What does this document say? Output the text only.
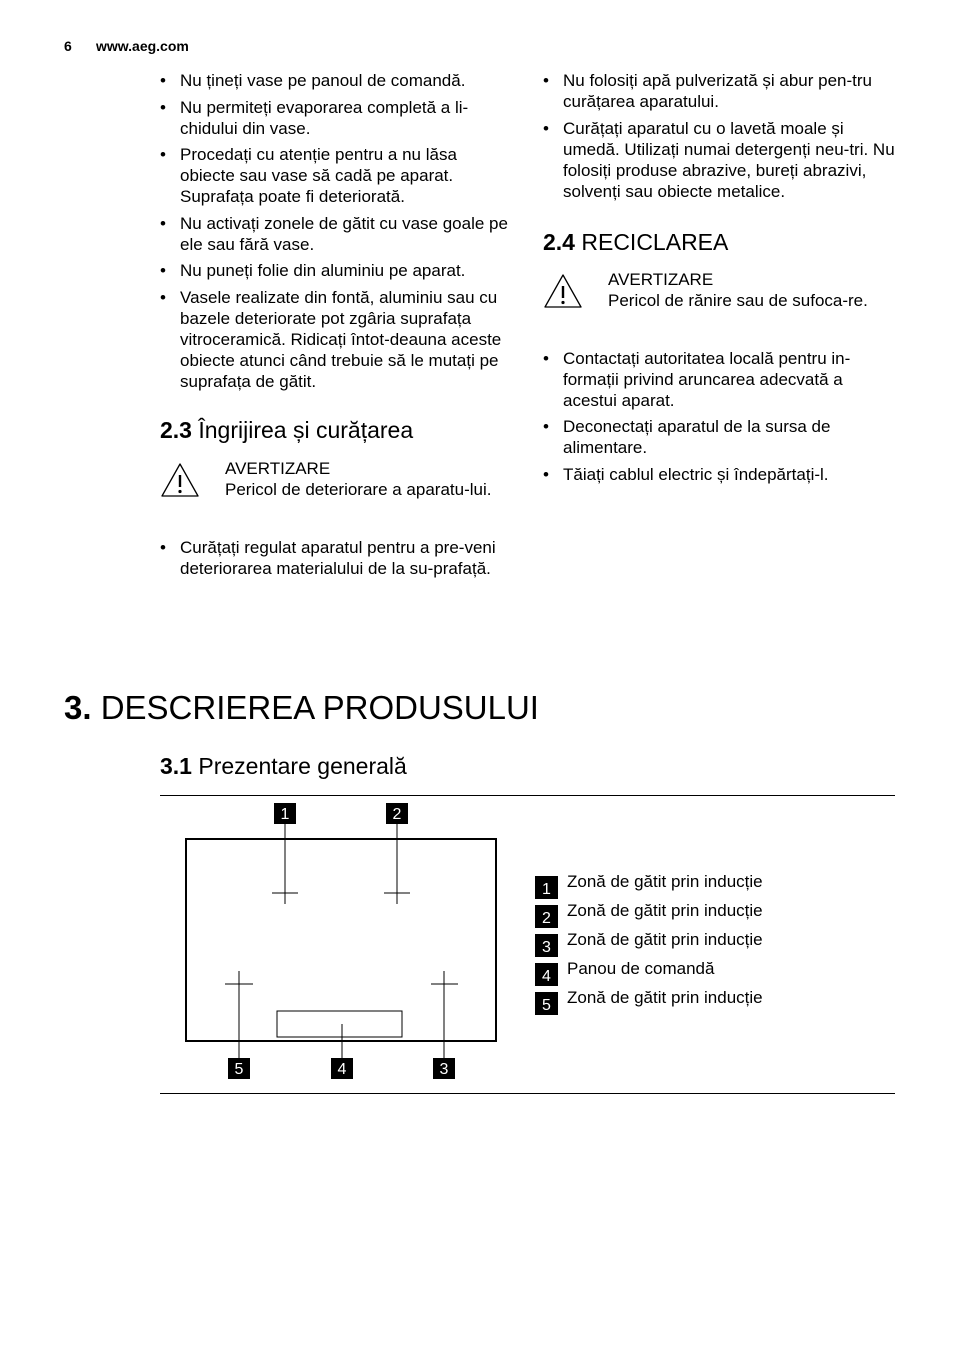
6 www.aeg.com
• Nu țineți vase pe panoul de comandă.
• Nu permiteți evaporarea completă a li-chidului din vase.
• Procedați cu atenție pentru a nu lăsa obiecte sau vase să cadă pe aparat. Suprafața poate fi deteriorată.
• Nu activați zonele de gătit cu vase goale pe ele sau fără vase.
• Nu puneți folie din aluminiu pe aparat.
• Vasele realizate din fontă, aluminiu sau cu bazele deteriorate pot zgâria suprafața vitroceramică. Ridicați întot-deauna aceste obiecte atunci când trebuie să le mutați pe suprafața de gătit.
2.3 Îngrijirea și curățarea
AVERTIZARE
Pericol de deteriorare a aparatu-lui.
• Curățați regulat aparatul pentru a pre-veni deteriorarea materialului de la su-prafață.
• Nu folosiți apă pulverizată și abur pen-tru curățarea aparatului.
• Curățați aparatul cu o lavetă moale și umedă. Utilizați numai detergenți neu-tri. Nu folosiți produse abrazive, bureți abrazivi, solvenți sau obiecte metalice.
2.4 RECICLAREA
AVERTIZARE
Pericol de rănire sau de sufoca-re.
• Contactați autoritatea locală pentru in-formații privind aruncarea adecvată a acestui aparat.
• Deconectați aparatul de la sursa de alimentare.
• Tăiați cablul electric și îndepărtați-l.
3. DESCRIEREA PRODUSULUI
3.1 Prezentare generală
1	2
5	4	3
1 Zonă de gătit prin inducție
2 Zonă de gătit prin inducție
3 Zonă de gătit prin inducție
4 Panou de comandă
5 Zonă de gătit prin inducție
